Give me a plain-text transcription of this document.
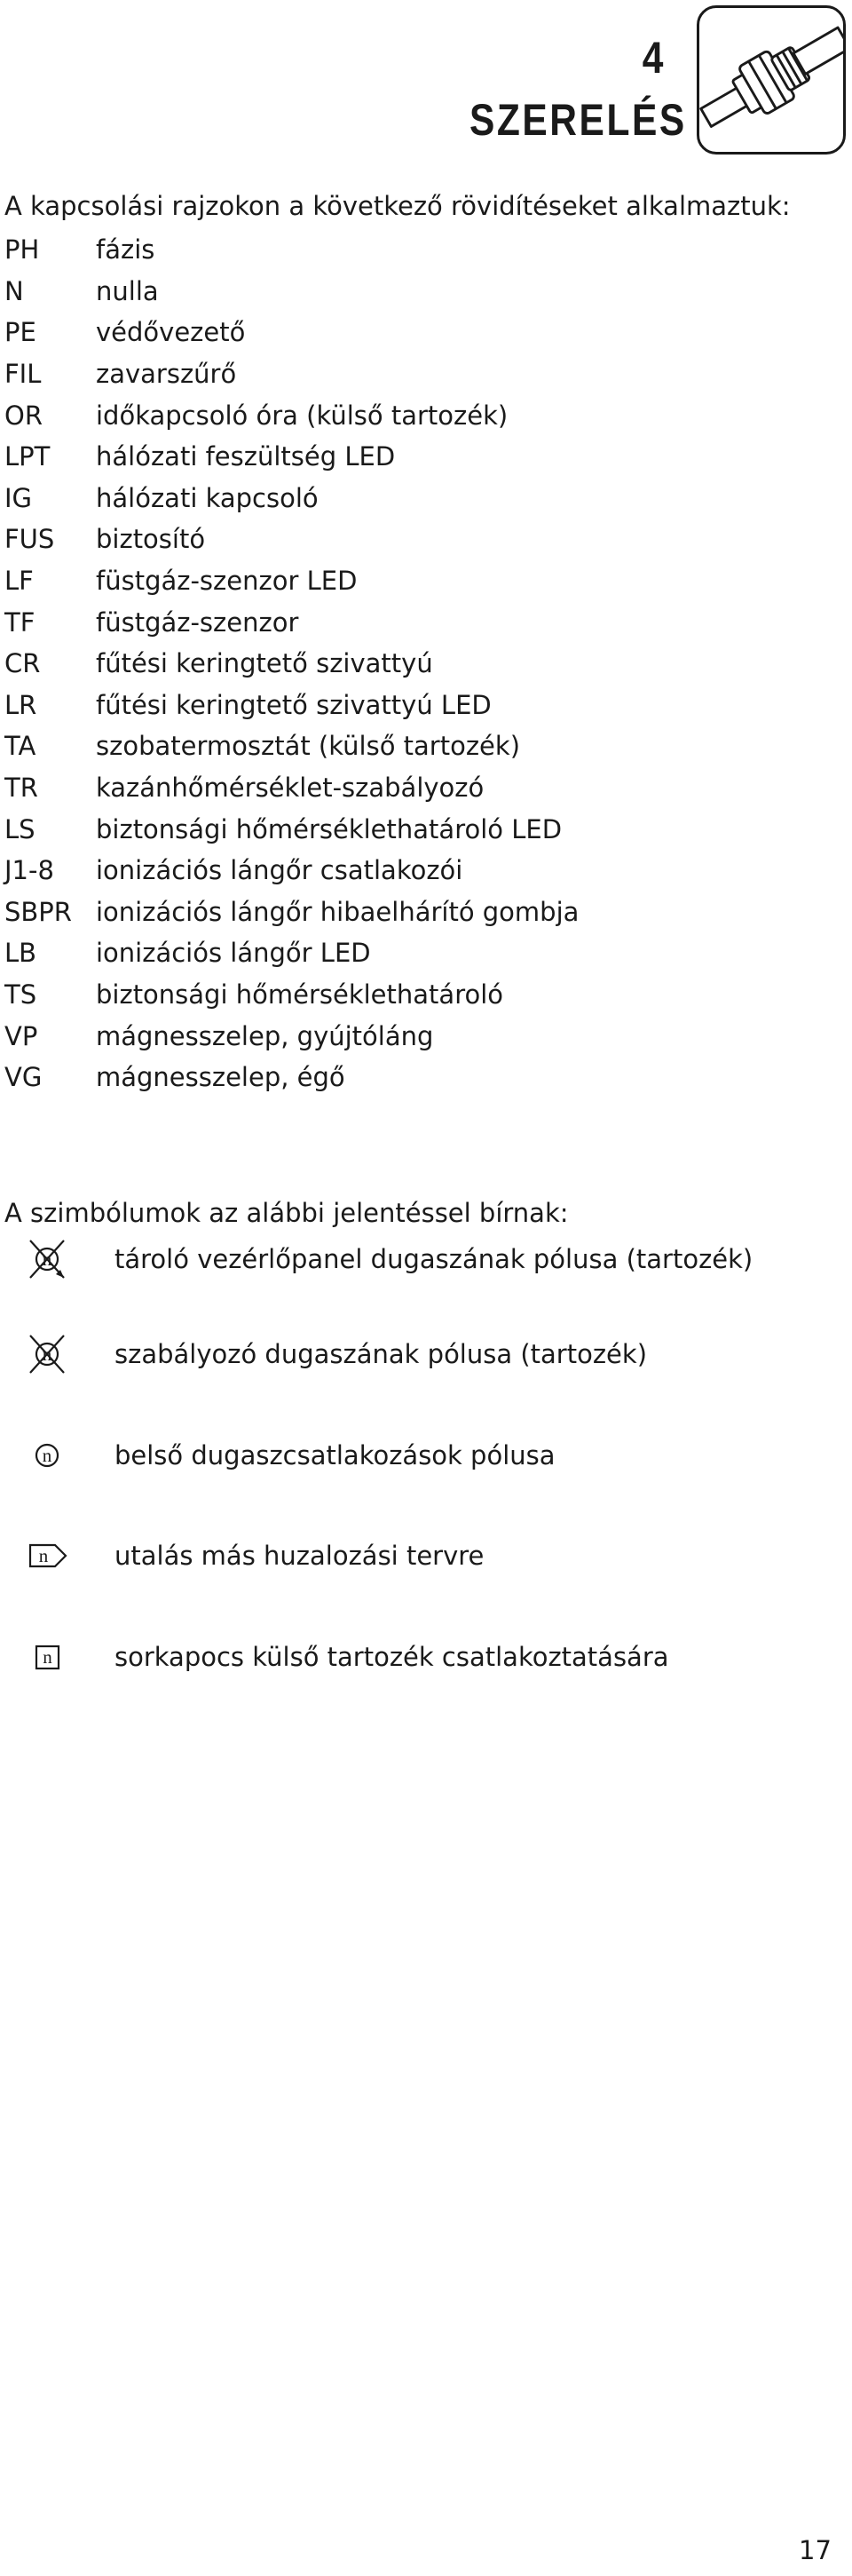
4 SZERELÉS
A kapcsolási rajzokon a következő rövidítéseket alkalmaztuk:
PH	fázis
N	nulla
PE	védővezető
FIL	zavarszűrő
OR	időkapcsoló óra (külső tartozék)
LPT	hálózati feszültség LED
IG	hálózati kapcsoló
FUS	biztosító
LF	füstgáz-szenzor LED
TF	füstgáz-szenzor
CR	fűtési keringtető szivattyú
LR	fűtési keringtető szivattyú LED
TA	szobatermosztát (külső tartozék)
TR	kazánhőmérséklet-szabályozó
LS	biztonsági hőmérséklethatároló LED
J1-8	ionizációs lángőr csatlakozói
SBPR ionizációs lángőr hibaelhárító gombja
LB	ionizációs lángőr LED
TS	biztonsági hőmérséklethatároló
VP	mágnesszelep, gyújtóláng
VG	mágnesszelep, égő
A szimbólumok az alábbi jelentéssel bírnak:
n tároló vezérlőpanel dugaszának pólusa (tartozék)
n szabályozó dugaszának pólusa (tartozék)
n belső dugaszcsatlakozások pólusa
n	utalás más huzalozási tervre
n sorkapocs külső tartozék csatlakoztatására
17
